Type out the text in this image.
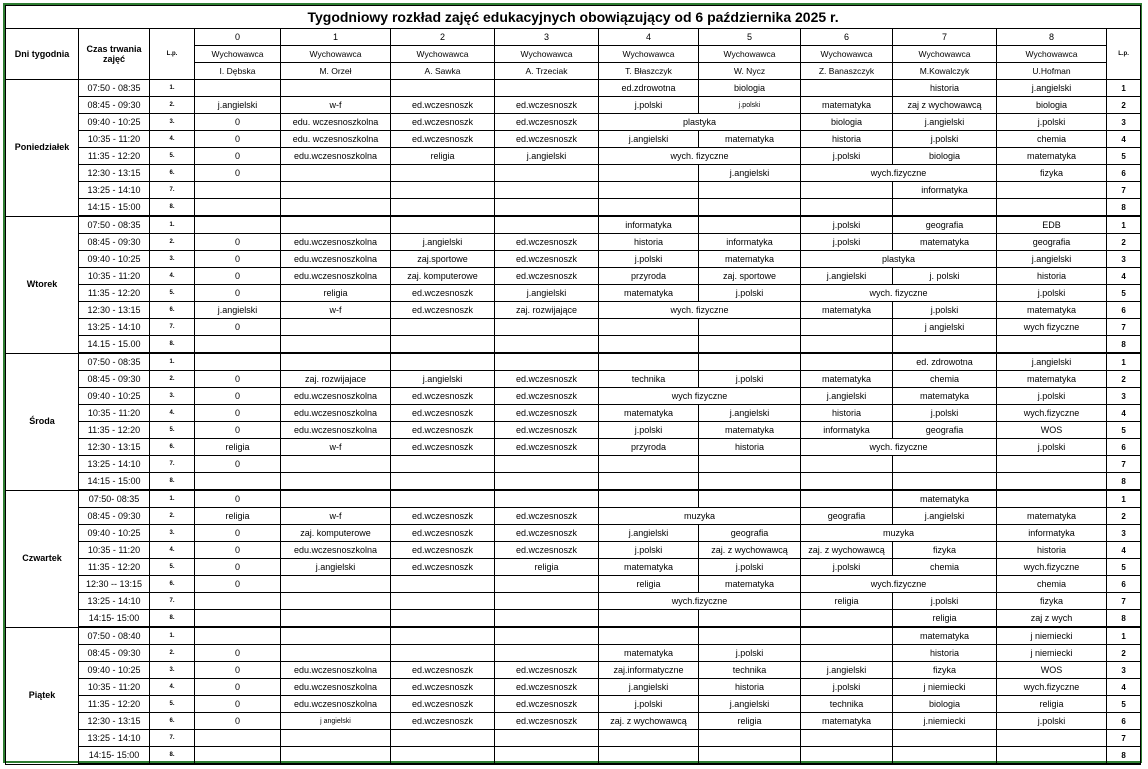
Tygodniowy rozkład zajęć edukacyjnych obowiązujący od 6 października 2025 r.												
Dni tygodnia	Czas trwania zajęć	L.p.	0	1	2	3	4	5	6	7	8	L.p.
			Wychowawca	Wychowawca	Wychowawca	Wychowawca	Wychowawca	Wychowawca	Wychowawca	Wychowawca	Wychowawca	
			I. Dębska	M. Orzeł	A. Sawka	A. Trzeciak	T. Błaszczyk	W. Nycz	Z. Banaszczyk	M.Kowalczyk	U.Hofman	
Poniedziałek	07:50 - 08:35	1.					ed.zdrowotna	biologia		historia	j.angielski	1
	08:45 - 09:30	2.	j.angielski	w-f	ed.wczesnoszk	ed.wczesnoszk	j.polski	j.polski	matematyka	zaj z wychowawcą	biologia	2
	09:40 - 10:25	3.	0	edu. wczesnoszkolna	ed.wczesnoszk	ed.wczesnoszk	plastyka		biologia	j.angielski	j.polski	3
	10:35 - 11:20	4.	0	edu. wczesnoszkolna	ed.wczesnoszk	ed.wczesnoszk	j.angielski	matematyka	historia	j.polski	chemia	4
	11:35 - 12:20	5.	0	edu.wczesnoszkolna	religia	j.angielski	wych. fizyczne		j.polski	biologia	matematyka	5
	12:30 - 13:15	6.	0					j.angielski	wych.fizyczne		fizyka	6
	13:25 - 14:10	7.								informatyka		7
	14:15 - 15:00	8.										8
Wtorek	07:50 - 08:35	1.					informatyka		j.polski	geografia	EDB	1
	08:45 - 09:30	2.	0	edu.wczesnoszkolna	j.angielski	ed.wczesnoszk	historia	informatyka	j.polski	matematyka	geografia	2
	09:40 - 10:25	3.	0	edu.wczesnoszkolna	zaj.sportowe	ed.wczesnoszk	j.polski	matematyka	plastyka		j.angielski	3
	10:35 - 11:20	4.	0	edu.wczesnoszkolna	zaj. komputerowe	ed.wczesnoszk	przyroda	zaj. sportowe	j.angielski	j. polski	historia	4
	11:35 - 12:20	5.	0	religia	ed.wczesnoszk	j.angielski	matematyka	j.polski	wych. fizyczne		j.polski	5
	12:30 - 13:15	6.	j.angielski	w-f	ed.wczesnoszk	zaj. rozwijające	wych. fizyczne		matematyka	j.polski	matematyka	6
	13:25 - 14:10	7.	0							j angielski	wych fizyczne	7
	14.15 - 15.00	8.										8
Środa	07:50 - 08:35	1.								ed. zdrowotna	j.angielski	1
	08:45 - 09:30	2.	0	zaj. rozwijajace	j.angielski	ed.wczesnoszk	technika	j.polski	matematyka	chemia	matematyka	2
	09:40 - 10:25	3.	0	edu.wczesnoszkolna	ed.wczesnoszk	ed.wczesnoszk	wych fizyczne		j.angielski	matematyka	j.polski	3
	10:35 - 11:20	4.	0	edu.wczesnoszkolna	ed.wczesnoszk	ed.wczesnoszk	matematyka	j.angielski	historia	j.polski	wych.fizyczne	4
	11:35 - 12:20	5.	0	edu.wczesnoszkolna	ed.wczesnoszk	ed.wczesnoszk	j.polski	matematyka	informatyka	geografia	WOS	5
	12:30 - 13:15	6.	religia	w-f	ed.wczesnoszk	ed.wczesnoszk	przyroda	historia	wych. fizyczne		j.polski	6
	13:25 - 14:10	7.	0									7
	14:15 - 15:00	8.										8
Czwartek	07:50- 08:35	1.	0							matematyka		1
	08:45 - 09:30	2.	religia	w-f	ed.wczesnoszk	ed.wczesnoszk	muzyka		geografia	j.angielski	matematyka	2
	09:40 - 10:25	3.	0	zaj. komputerowe	ed.wczesnoszk	ed.wczesnoszk	j.angielski	geografia	muzyka		informatyka	3
	10:35 - 11:20	4.	0	edu.wczesnoszkolna	ed.wczesnoszk	ed.wczesnoszk	j.polski	zaj. z wychowawcą	zaj. z wychowawcą	fizyka	historia	4
	11:35 - 12:20	5.	0	j.angielski	ed.wczesnoszk	religia	matematyka	j.polski	j.polski	chemia	wych.fizyczne	5
	12:30 -- 13:15	6.	0				religia	matematyka	wych.fizyczne		chemia	6
	13:25 - 14:10	7.					wych.fizyczne		religia	j.polski	fizyka	7
	14:15- 15:00	8.								religia	zaj z wych	8
Piątek	07:50 - 08:40	1.								matematyka	j niemiecki	1
	08:45 - 09:30	2.	0				matematyka	j.polski		historia	j niemiecki	2
	09:40 - 10:25	3.	0	edu.wczesnoszkolna	ed.wczesnoszk	ed.wczesnoszk	zaj.informatyczne	technika	j.angielski	fizyka	WOS	3
	10:35 - 11:20	4.	0	edu.wczesnoszkolna	ed.wczesnoszk	ed.wczesnoszk	j.angielski	historia	j.polski	j niemiecki	wych.fizyczne	4
	11:35 - 12:20	5.	0	edu.wczesnoszkolna	ed.wczesnoszk	ed.wczesnoszk	j.polski	j.angielski	technika	biologia	religia	5
	12:30 - 13:15	6.	0	j angielski	ed.wczesnoszk	ed.wczesnoszk	zaj. z wychowawcą	religia	matematyka	j.niemiecki	j.polski	6
	13:25 - 14:10	7.										7
	14:15- 15:00	8.										8
